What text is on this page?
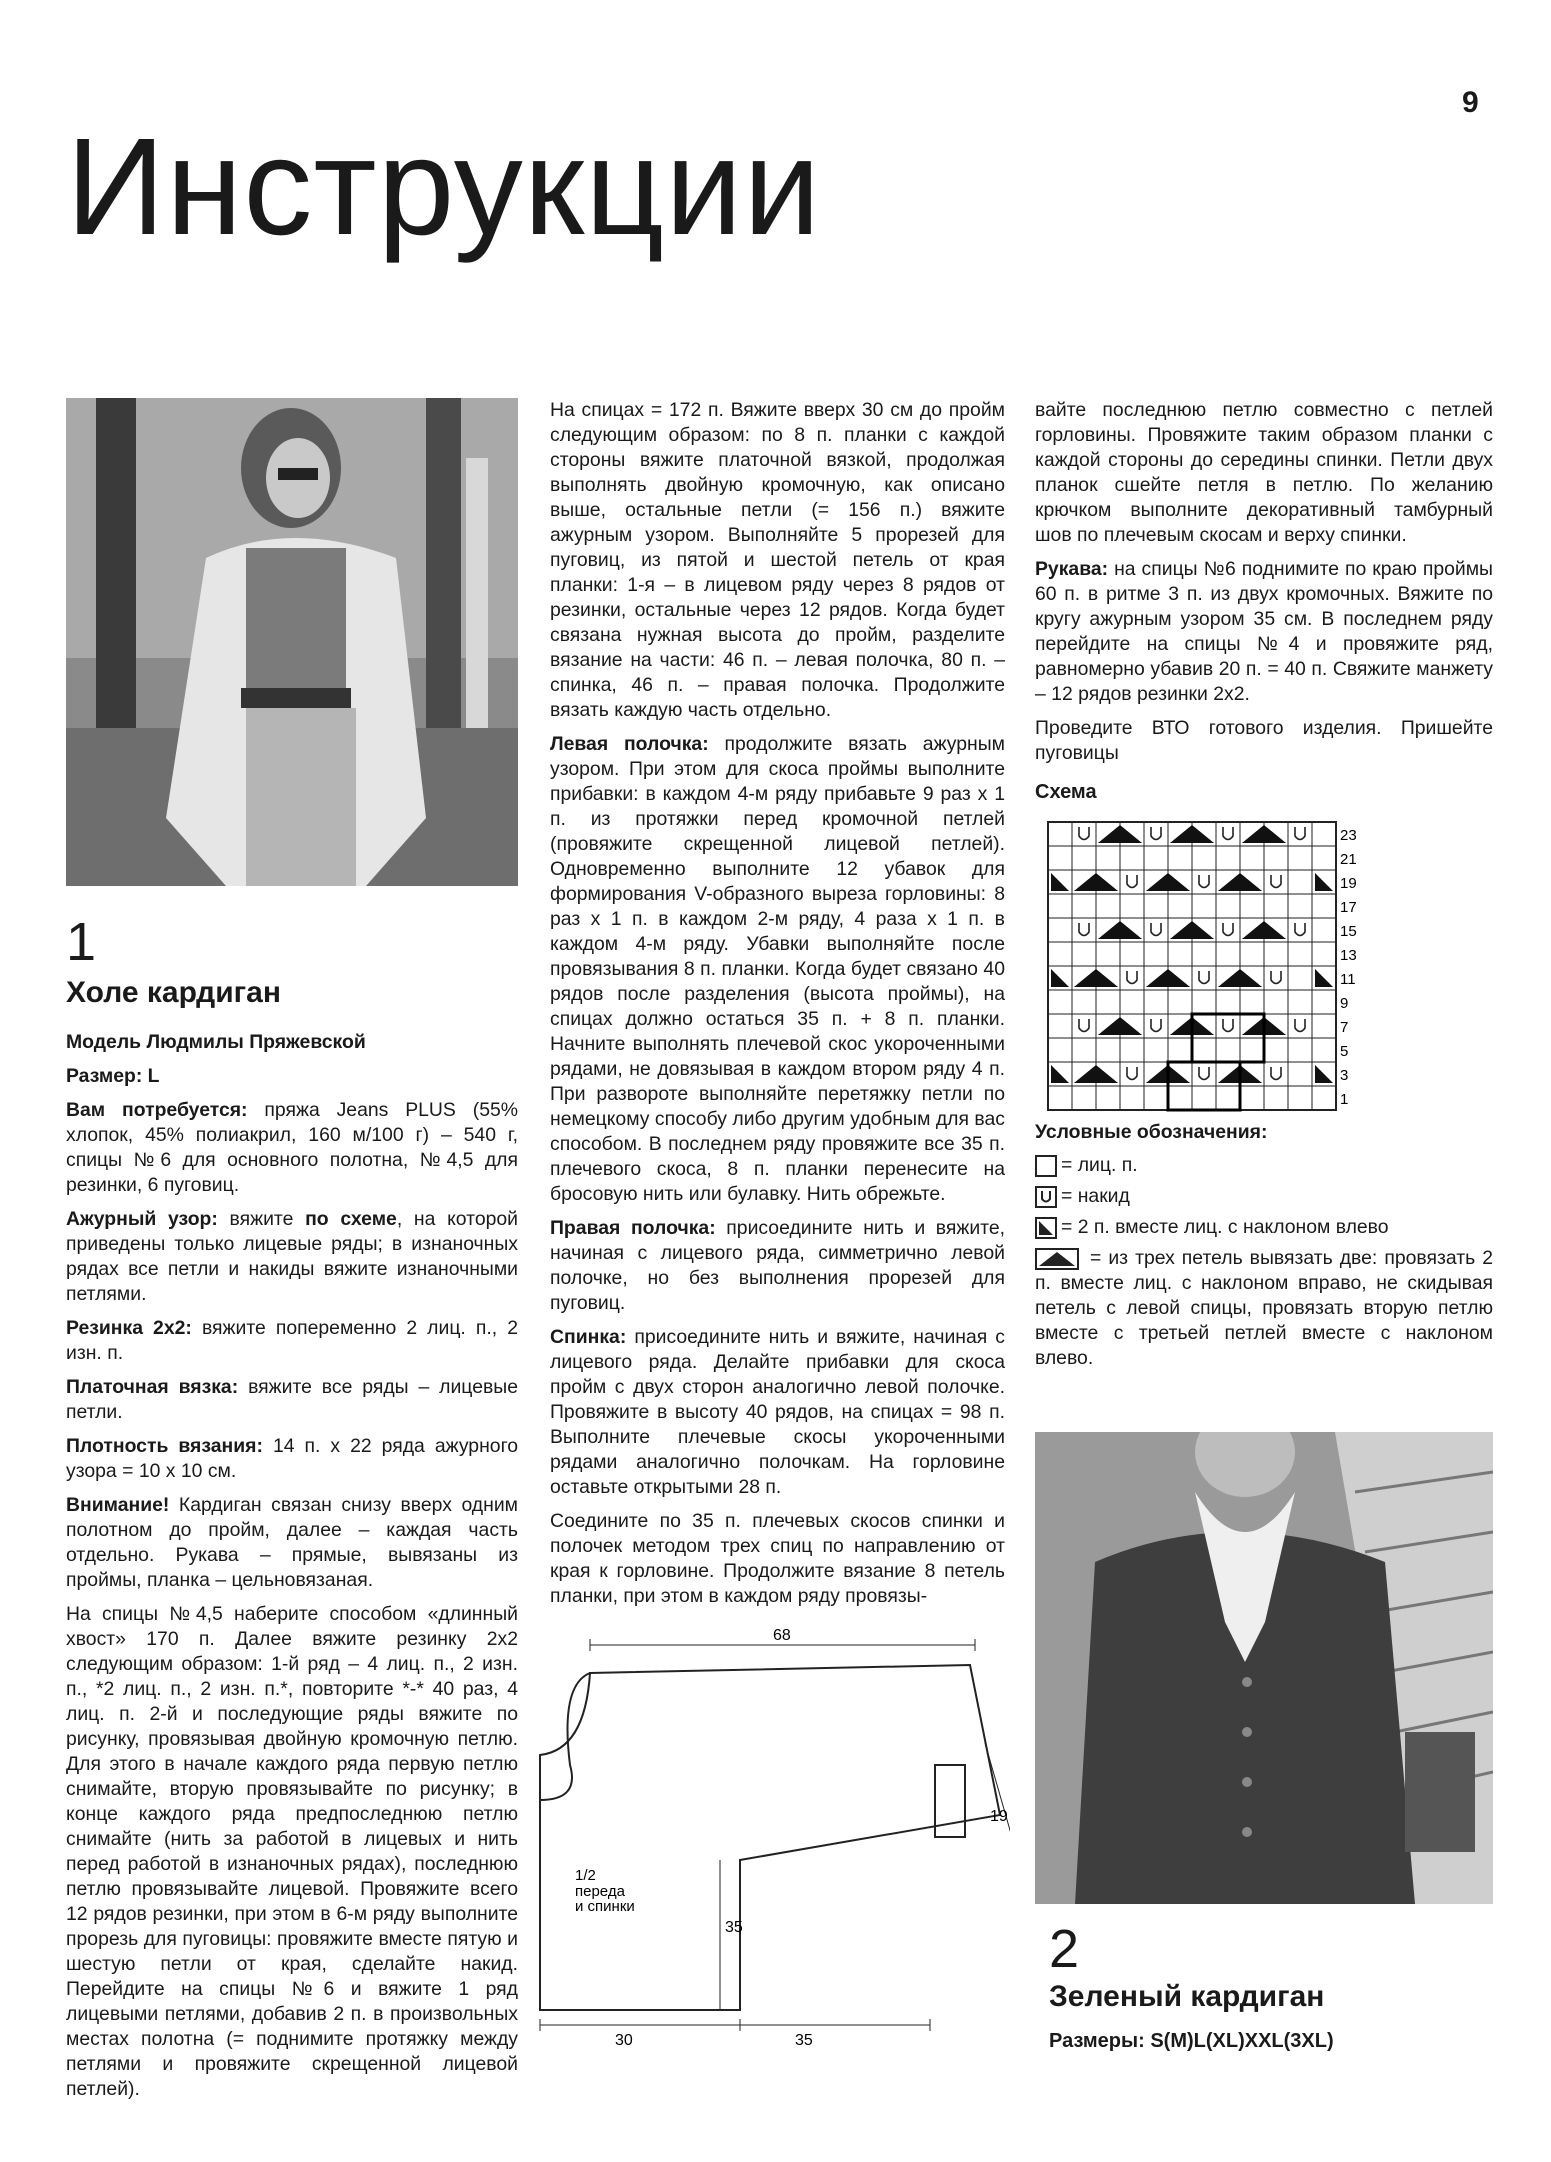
9
Инструкции
1
Холе кардиган

Модель Людмилы Пряжевской

Размер: L

Вам потребуется: пряжа Jeans PLUS (55% хлопок, 45% полиакрил, 160 м/100 г) – 540 г, спицы №6 для основного полотна, №4,5 для резинки, 6 пуговиц.

Ажурный узор: вяжите по схеме, на которой приведены только лицевые ряды; в изнаночных рядах все петли и накиды вяжите изнаночными петлями.

Резинка 2x2: вяжите попеременно 2 лиц. п., 2 изн. п.

Платочная вязка: вяжите все ряды – лицевые петли.

Плотность вязания: 14 п. x 22 ряда ажурного узора = 10 x 10 см.

Внимание! Кардиган связан снизу вверх одним полотном до пройм, далее – каждая часть отдельно. Рукава – прямые, вывязаны из проймы, планка – цельновязаная.

На спицы №4,5 наберите способом «длинный хвост» 170 п. Далее вяжите резинку 2x2 следующим образом: 1-й ряд – 4 лиц. п., 2 изн. п., *2 лиц. п., 2 изн. п.*, повторите *-* 40 раз, 4 лиц. п. 2-й и последующие ряды вяжите по рисунку, провязывая двойную кромочную петлю. Для этого в начале каждого ряда первую петлю снимайте, вторую провязывайте по рисунку; в конце каждого ряда предпоследнюю петлю снимайте (нить за работой в лицевых и нить перед работой в изнаночных рядах), последнюю петлю провязывайте лицевой. Провяжите всего 12 рядов резинки, при этом в 6-м ряду выполните прорезь для пуговицы: провяжите вместе пятую и шестую петли от края, сделайте накид. Перейдите на спицы №6 и вяжите 1 ряд лицевыми петлями, добавив 2 п. в произвольных местах полотна (= поднимите протяжку между петлями и провяжите скрещенной лицевой петлей).

На спицах = 172 п. Вяжите вверх 30 см до пройм следующим образом: по 8 п. планки с каждой стороны вяжите платочной вязкой, продолжая выполнять двойную кромочную, как описано выше, остальные петли (= 156 п.) вяжите ажурным узором. Выполняйте 5 прорезей для пуговиц, из пятой и шестой петель от края планки: 1-я – в лицевом ряду через 8 рядов от резинки, остальные через 12 рядов. Когда будет связана нужная высота до пройм, разделите вязание на части: 46 п. – левая полочка, 80 п. – спинка, 46 п. – правая полочка. Продолжите вязать каждую часть отдельно.

Левая полочка: продолжите вязать ажурным узором. При этом для скоса проймы выполните прибавки: в каждом 4-м ряду прибавьте 9 раз x 1 п. из протяжки перед кромочной петлей (провяжите скрещенной лицевой петлей). Одновременно выполните 12 убавок для формирования V-образного выреза горловины: 8 раз x 1 п. в каждом 2-м ряду, 4 раза x 1 п. в каждом 4-м ряду. Убавки выполняйте после провязывания 8 п. планки. Когда будет связано 40 рядов после разделения (высота проймы), на спицах должно остаться 35 п. + 8 п. планки. Начните выполнять плечевой скос укороченными рядами, не довязывая в каждом втором ряду 4 п. При развороте выполняйте перетяжку петли по немецкому способу либо другим удобным для вас способом. В последнем ряду провяжите все 35 п. плечевого скоса, 8 п. планки перенесите на бросовую нить или булавку. Нить обрежьте.

Правая полочка: присоедините нить и вяжите, начиная с лицевого ряда, симметрично левой полочке, но без выполнения прорезей для пуговиц.

Спинка: присоедините нить и вяжите, начиная с лицевого ряда. Делайте прибавки для скоса пройм с двух сторон аналогично левой полочке. Провяжите в высоту 40 рядов, на спицах = 98 п. Выполните плечевые скосы укороченными рядами аналогично полочкам. На горловине оставьте открытыми 28 п.

Соедините по 35 п. плечевых скосов спинки и полочек методом трех спиц по направлению от края к горловине. Продолжите вязание 8 петель планки, при этом в каждом ряду провязы-

1/2
переда
и спинки
68
19
35
30	35

вайте последнюю петлю совместно с петлей горловины. Провяжите таким образом планки с каждой стороны до середины спинки. Петли двух планок сшейте петля в петлю. По желанию крючком выполните декоративный тамбурный шов по плечевым скосам и верху спинки.

Рукава: на спицы №6 поднимите по краю проймы 60 п. в ритме 3 п. из двух кромочных. Вяжите по кругу ажурным узором 35 см. В последнем ряду перейдите на спицы №4 и провяжите ряд, равномерно убавив 20 п. = 40 п. Свяжите манжету – 12 рядов резинки 2x2.

Проведите ВТО готового изделия. Пришейте пуговицы

Схема

23
21
19
17
15
13
11
9
7
5
3
1
Условные обозначения:
= лиц. п.
= накид
= 2 п. вместе лиц. с наклоном влево
= из трех петель вывязать две: провязать 2 п. вместе лиц. с наклоном вправо, не скидывая петель с левой спицы, провязать вторую петлю вместе с третьей петлей вместе с наклоном влево.
2
Зеленый кардиган
Размеры: S(M)L(XL)XXL(3XL)
